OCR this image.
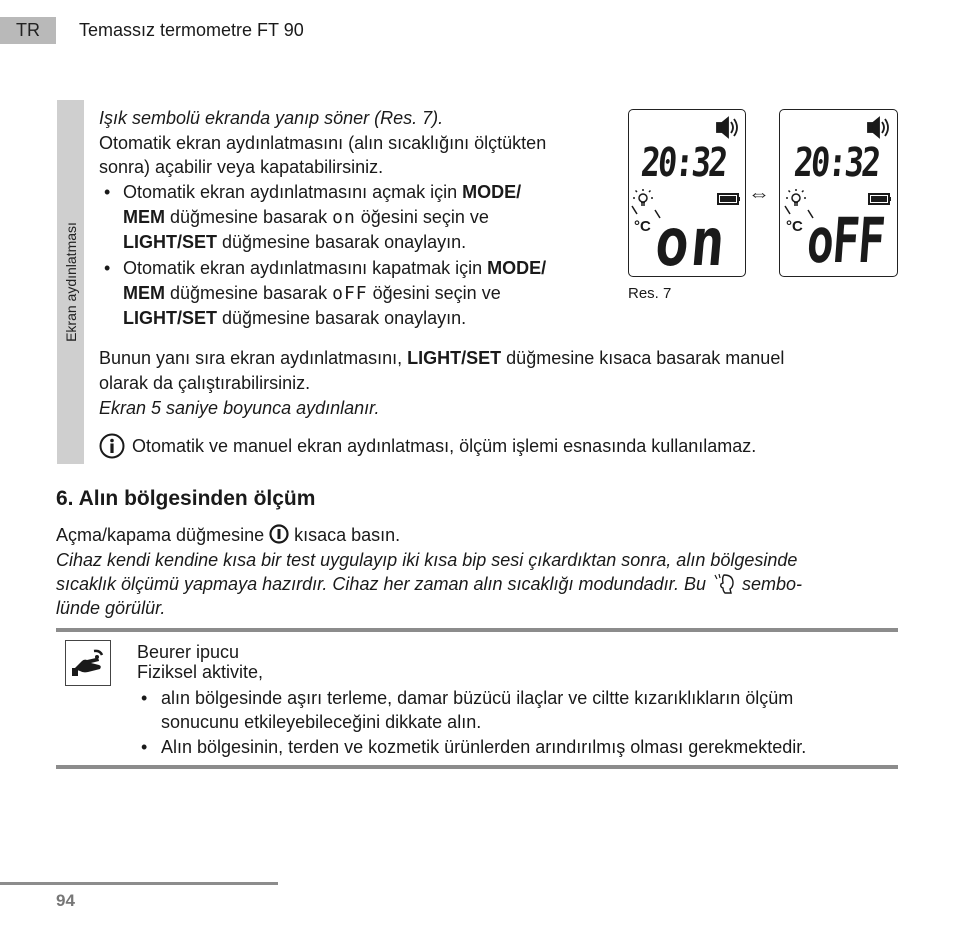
TR	Temassız termometre FT 90
Ekran aydınlatması
Işık sembolü ekranda yanıp söner (Res. 7).
Otomatik ekran aydınlatmasını (alın sıcaklığını ölçtükten
sonra) açabilir veya kapatabilirsiniz.
• Otomatik ekran aydınlatmasını açmak için MODE/
MEM düğmesine basarak on öğesini seçin ve
LIGHT/SET düğmesine basarak onaylayın.
• Otomatik ekran aydınlatmasını kapatmak için MODE/
MEM düğmesine basarak oFF öğesini seçin ve
LIGHT/SET düğmesine basarak onaylayın.
Bunun yanı sıra ekran aydınlatmasını, LIGHT/SET düğmesine kısaca basarak manuel
olarak da çalıştırabilirsiniz.
Ekran 5 saniye boyunca aydınlanır.
Otomatik ve manuel ekran aydınlatması, ölçüm işlemi esnasında kullanılamaz.
20:32
°C on
⇔
20:32
°C oFF
Res. 7
6. Alın bölgesinden ölçüm
Açma/kapama düğmesine  kısaca basın.
Cihaz kendi kendine kısa bir test uygulayıp iki kısa bip sesi çıkardıktan sonra, alın bölgesinde
sıcaklık ölçümü yapmaya hazırdır. Cihaz her zaman alın sıcaklığı modundadır. Bu  sembo-
lünde görülür.
Beurer ipucu
Fiziksel aktivite,
• alın bölgesinde aşırı terleme, damar büzücü ilaçlar ve ciltte kızarıklıkların ölçüm
sonucunu etkileyebileceğini dikkate alın.
• Alın bölgesinin, terden ve kozmetik ürünlerden arındırılmış olması gerekmektedir.
94
